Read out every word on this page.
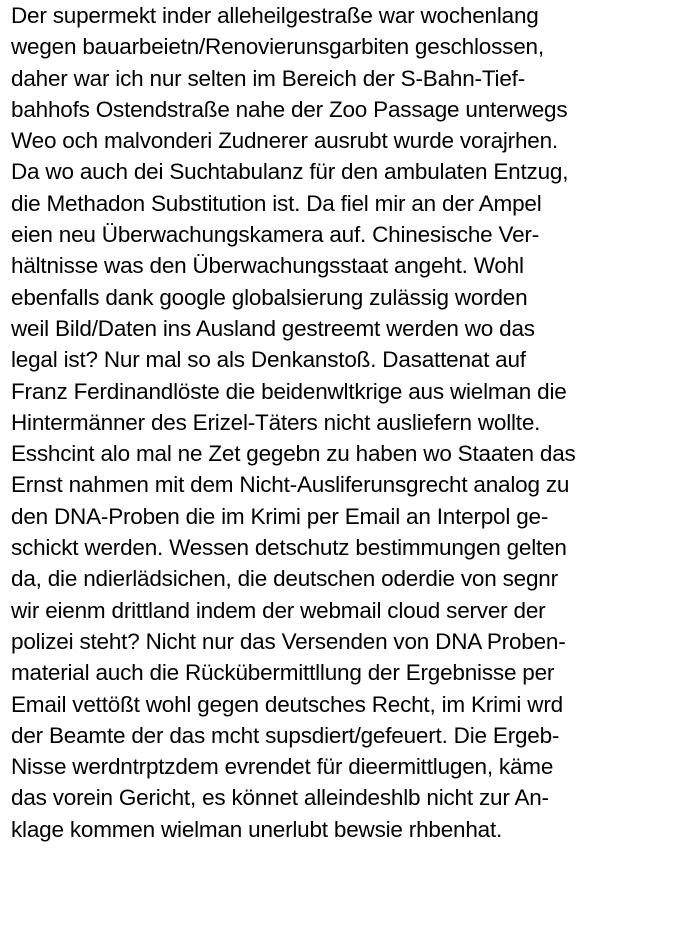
Der supermekt inder alleheilgestraße war wochenlang
wegen bauarbeietn/Renovierunsgarbiten geschlossen,
daher war ich nur selten im Bereich der S-Bahn-Tief-
bahhofs Ostendstraße nahe der Zoo Passage unterwegs
Weo och malvonderi Zudnerer ausrubt wurde vorajrhen.
Da wo auch dei Suchtabulanz für den ambulaten Entzug,
die Methadon Substitution ist. Da fiel mir an der Ampel
eien neu Überwachungskamera auf. Chinesische Ver-
hältnisse was den Überwachungsstaat angeht. Wohl
ebenfalls dank google globalsierung zulässig worden
weil Bild/Daten ins Ausland gestreemt werden wo das
legal ist? Nur mal so als Denkanstoß. Dasattenat auf
Franz Ferdinandlöste die beidenwltkrige aus wielman die
Hintermänner des Erizel-Täters nicht ausliefern wollte.
Esshcint alo mal ne Zet gegebn zu haben wo Staaten das
Ernst nahmen mit dem Nicht-Ausliferunsgrecht analog zu
den DNA-Proben die im Krimi per Email an Interpol ge-
schickt werden. Wessen detschutz bestimmungen gelten
da, die ndierlädsichen, die deutschen oderdie von segnr
wir eienm drittland indem der webmail cloud server der
polizei steht? Nicht nur das Versenden von DNA Proben-
material auch die Rückübermittllung der Ergebnisse per
Email vettößt wohl gegen deutsches Recht, im Krimi wrd
der Beamte der das mcht supsdiert/gefeuert. Die Ergeb-
Nisse werdntrptzdem evrendet für dieermittlugen, käme
das vorein Gericht, es könnet alleindeshlb nicht zur An-
klage kommen wielman unerlubt bewsie rhbenhat.
